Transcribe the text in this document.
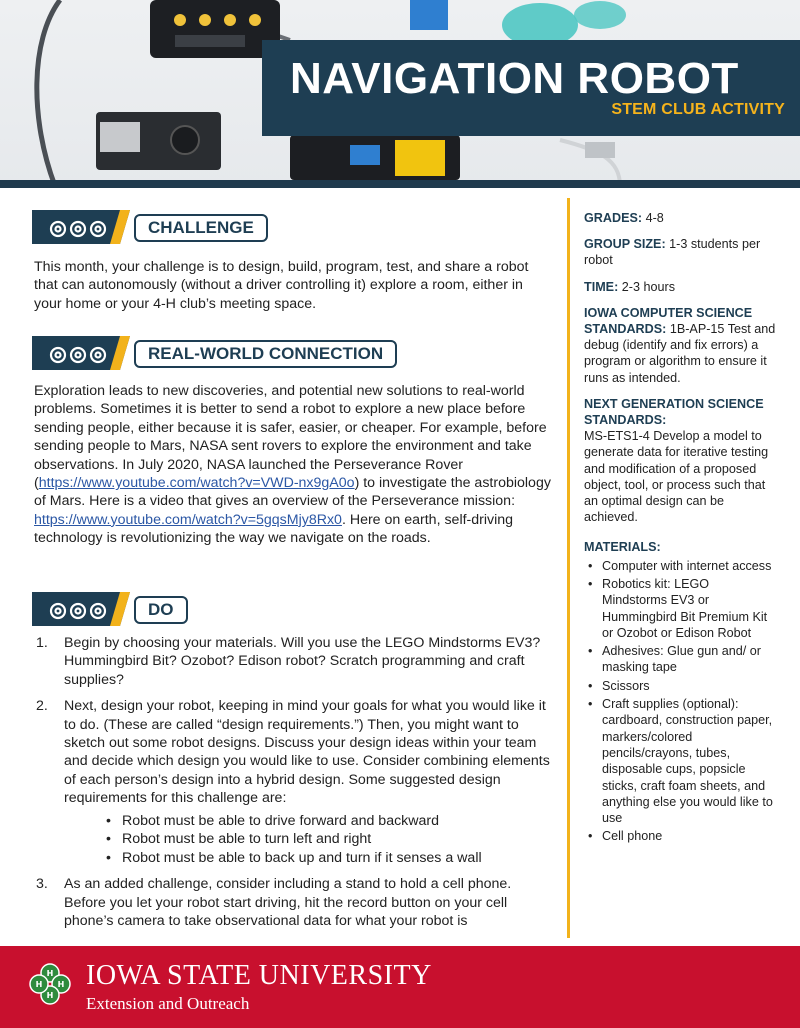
NAVIGATION ROBOT
STEM CLUB ACTIVITY
CHALLENGE
This month, your challenge is to design, build, program, test, and share a robot that can autonomously (without a driver controlling it) explore a room, either in your home or your 4-H club’s meeting space.
REAL-WORLD CONNECTION
Exploration leads to new discoveries, and potential new solutions to real-world problems. Sometimes it is better to send a robot to explore a new place before sending people, either because it is safer, easier, or cheaper. For example, before sending people to Mars, NASA sent rovers to explore the environment and take observations. In July 2020, NASA launched the Perseverance Rover (https://www.youtube.com/watch?v=VWD-nx9gA0o) to investigate the astrobiology of Mars. Here is a video that gives an overview of the Perseverance mission: https://www.youtube.com/watch?v=5gqsMjy8Rx0. Here on earth, self-driving technology is revolutionizing the way we navigate on the roads.
DO
1. Begin by choosing your materials. Will you use the LEGO Mindstorms EV3? Hummingbird Bit? Ozobot? Edison robot? Scratch programming and craft supplies?
2. Next, design your robot, keeping in mind your goals for what you would like it to do. (These are called “design requirements.”) Then, you might want to sketch out some robot designs. Discuss your design ideas within your team and decide which design you would like to use. Consider combining elements of each person’s design into a hybrid design. Some suggested design requirements for this challenge are:
• Robot must be able to drive forward and backward
• Robot must be able to turn left and right
• Robot must be able to back up and turn if it senses a wall
3. As an added challenge, consider including a stand to hold a cell phone. Before you let your robot start driving, hit the record button on your cell phone’s camera to take observational data for what your robot is
GRADES: 4-8
GROUP SIZE: 1-3 students per robot
TIME: 2-3 hours
IOWA COMPUTER SCIENCE STANDARDS: 1B-AP-15 Test and debug (identify and fix errors) a program or algorithm to ensure it runs as intended.
NEXT GENERATION SCIENCE STANDARDS:
MS-ETS1-4 Develop a model to generate data for iterative testing and modification of a proposed object, tool, or process such that an optimal design can be achieved.
MATERIALS:
• Computer with internet access
• Robotics kit: LEGO Mindstorms EV3 or Hummingbird Bit Premium Kit or Ozobot or Edison Robot
• Adhesives: Glue gun and/ or masking tape
• Scissors
• Craft supplies (optional): cardboard, construction paper, markers/colored pencils/crayons, tubes, disposable cups, popsicle sticks, craft foam sheets, and anything else you would like to use
• Cell phone
H
H
H
H IOWA STATE UNIVERSITY
Extension and Outreach
